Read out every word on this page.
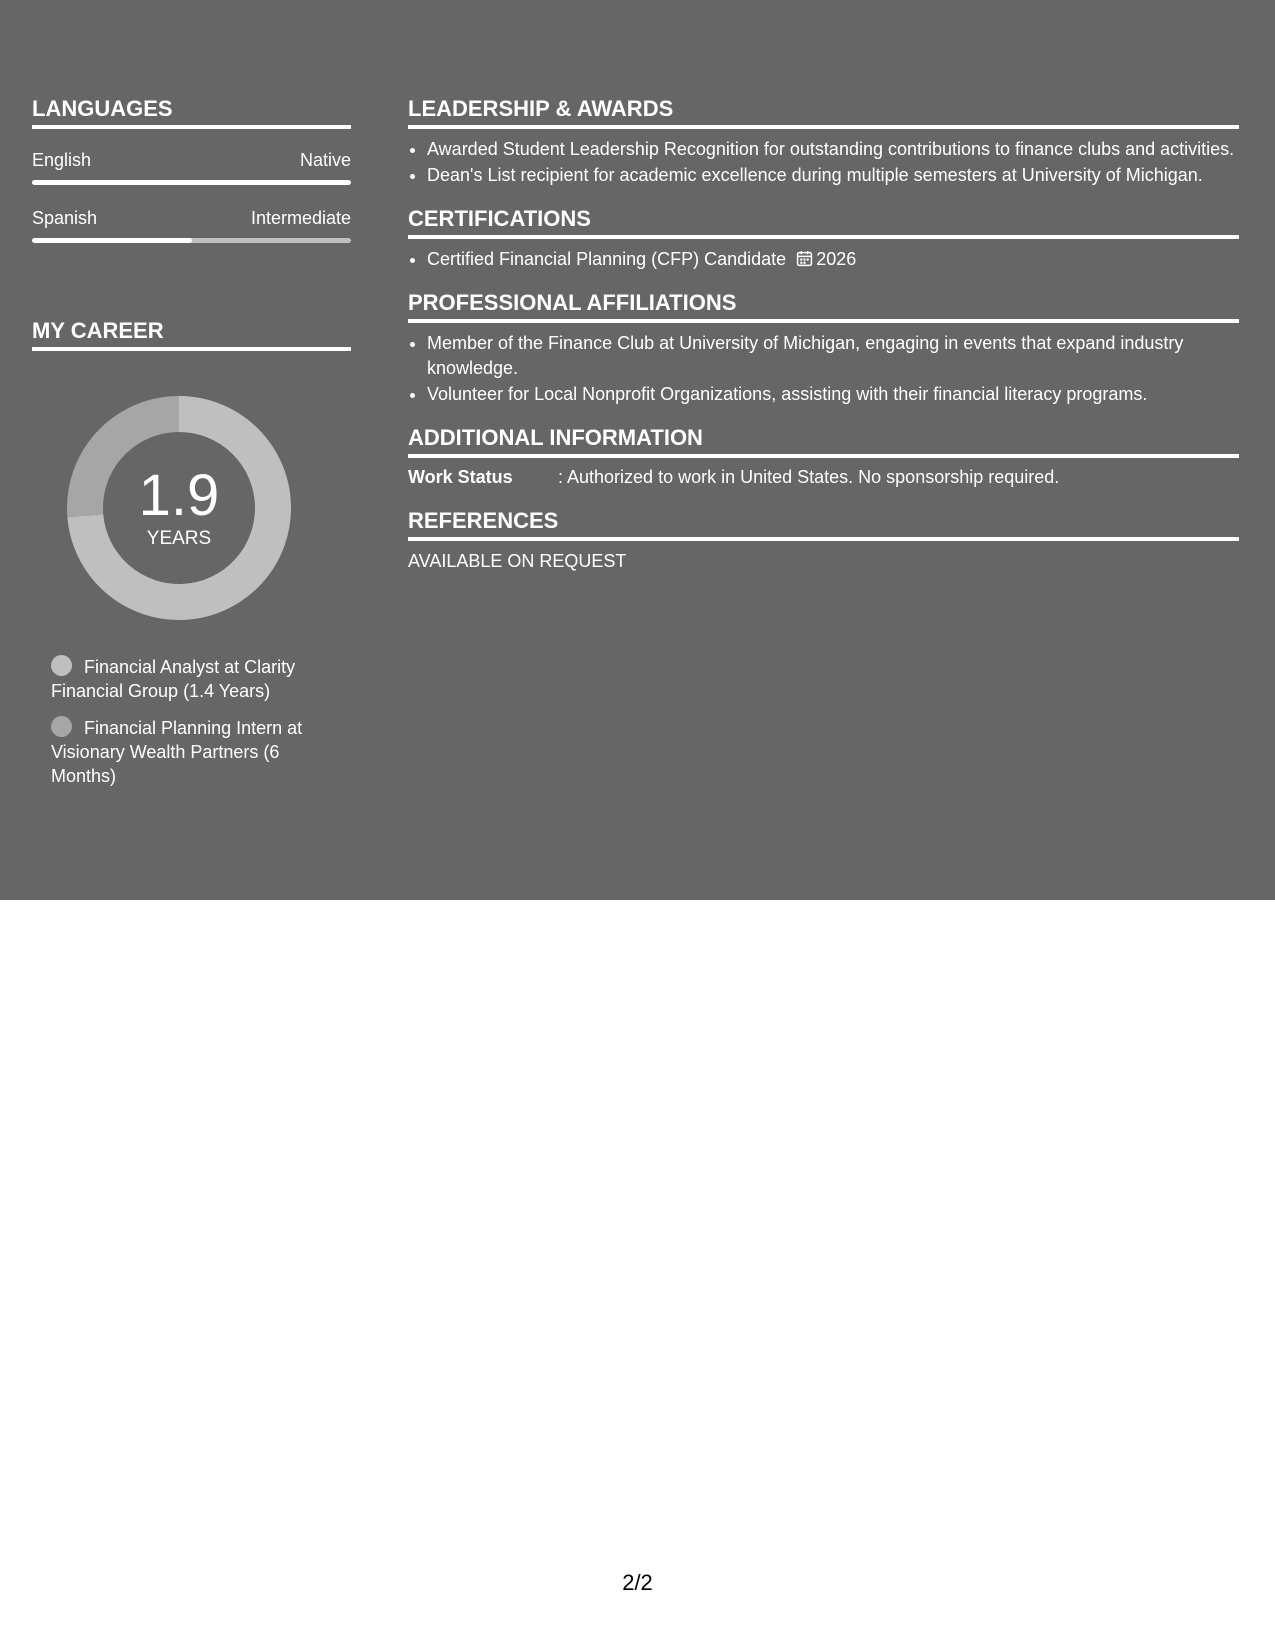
LANGUAGES
English	Native
Spanish	Intermediate
MY CAREER
1.9
YEARS
Financial Analyst at Clarity Financial Group (1.4 Years)
Financial Planning Intern at Visionary Wealth Partners (6 Months)
LEADERSHIP & AWARDS
• Awarded Student Leadership Recognition for outstanding contributions to finance clubs and activities.
• Dean's List recipient for academic excellence during multiple semesters at University of Michigan.
CERTIFICATIONS
• Certified Financial Planning (CFP) Candidate 2026
PROFESSIONAL AFFILIATIONS
• Member of the Finance Club at University of Michigan, engaging in events that expand industry knowledge.
• Volunteer for Local Nonprofit Organizations, assisting with their financial literacy programs.
ADDITIONAL INFORMATION
Work Status	: Authorized to work in United States. No sponsorship required.
REFERENCES
AVAILABLE ON REQUEST
2/2
